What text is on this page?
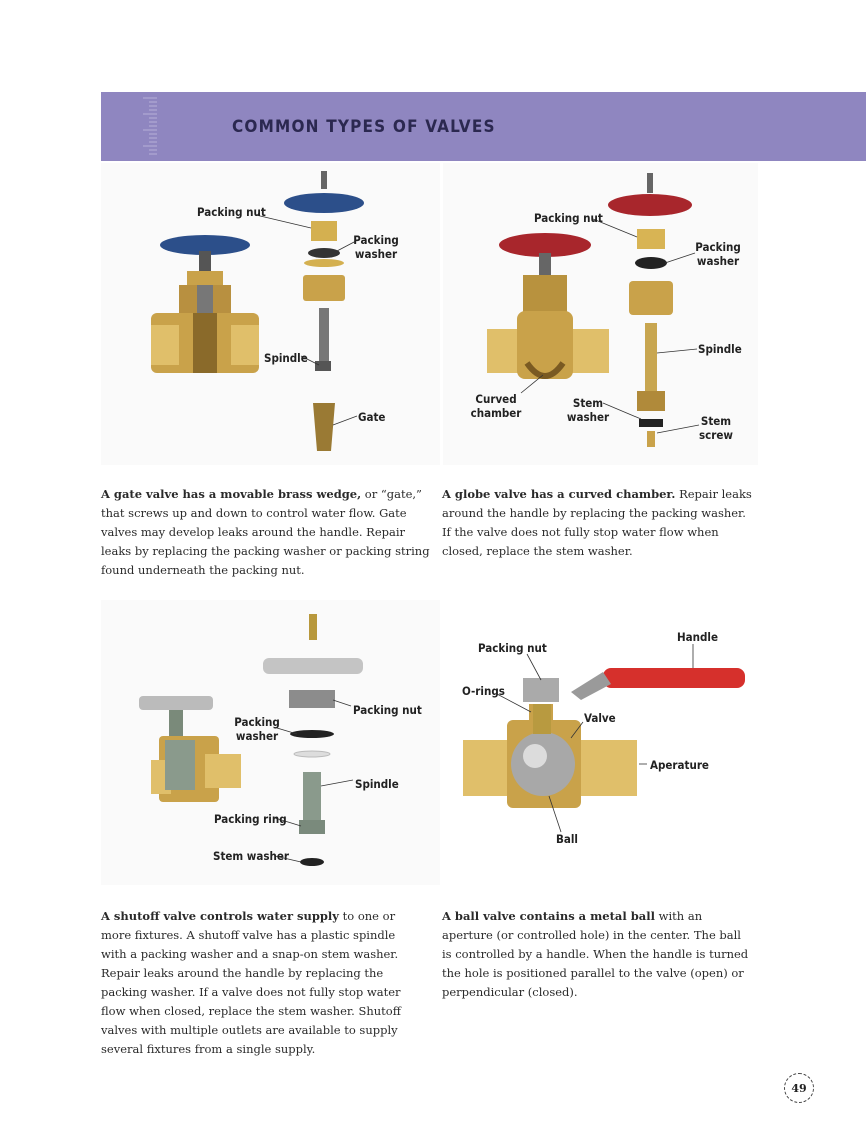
COMMON TYPES OF VALVES
Packing nut
Packing
washer
Spindle
Gate
Packing nut
Packing
washer
Spindle
Curved
chamber
Stem
washer	Stem
screw
A gate valve has a movable brass wedge, or “gate,” that screws up and down to control water flow. Gate valves may develop leaks around the handle. Repair leaks by replacing the packing washer or packing string found underneath the packing nut.
A globe valve has a curved chamber. Repair leaks around the handle by replacing the packing washer. If the valve does not fully stop water flow when closed, replace the stem washer.
Packing nut
Packing
washer
Spindle
Packing ring
Stem washer
Handle
Packing nut
O-rings
Valve
Aperature
Ball
A shutoff valve controls water supply to one or more fixtures. A shutoff valve has a plastic spindle with a packing washer and a snap-on stem washer. Repair leaks around the handle by replacing the packing washer. If a valve does not fully stop water flow when closed, replace the stem washer. Shutoff valves with multiple outlets are available to supply several fixtures from a single supply.
A ball valve contains a metal ball with an aperture (or controlled hole) in the center. The ball is controlled by a handle. When the handle is turned the hole is positioned parallel to the valve (open) or perpendicular (closed).
49
